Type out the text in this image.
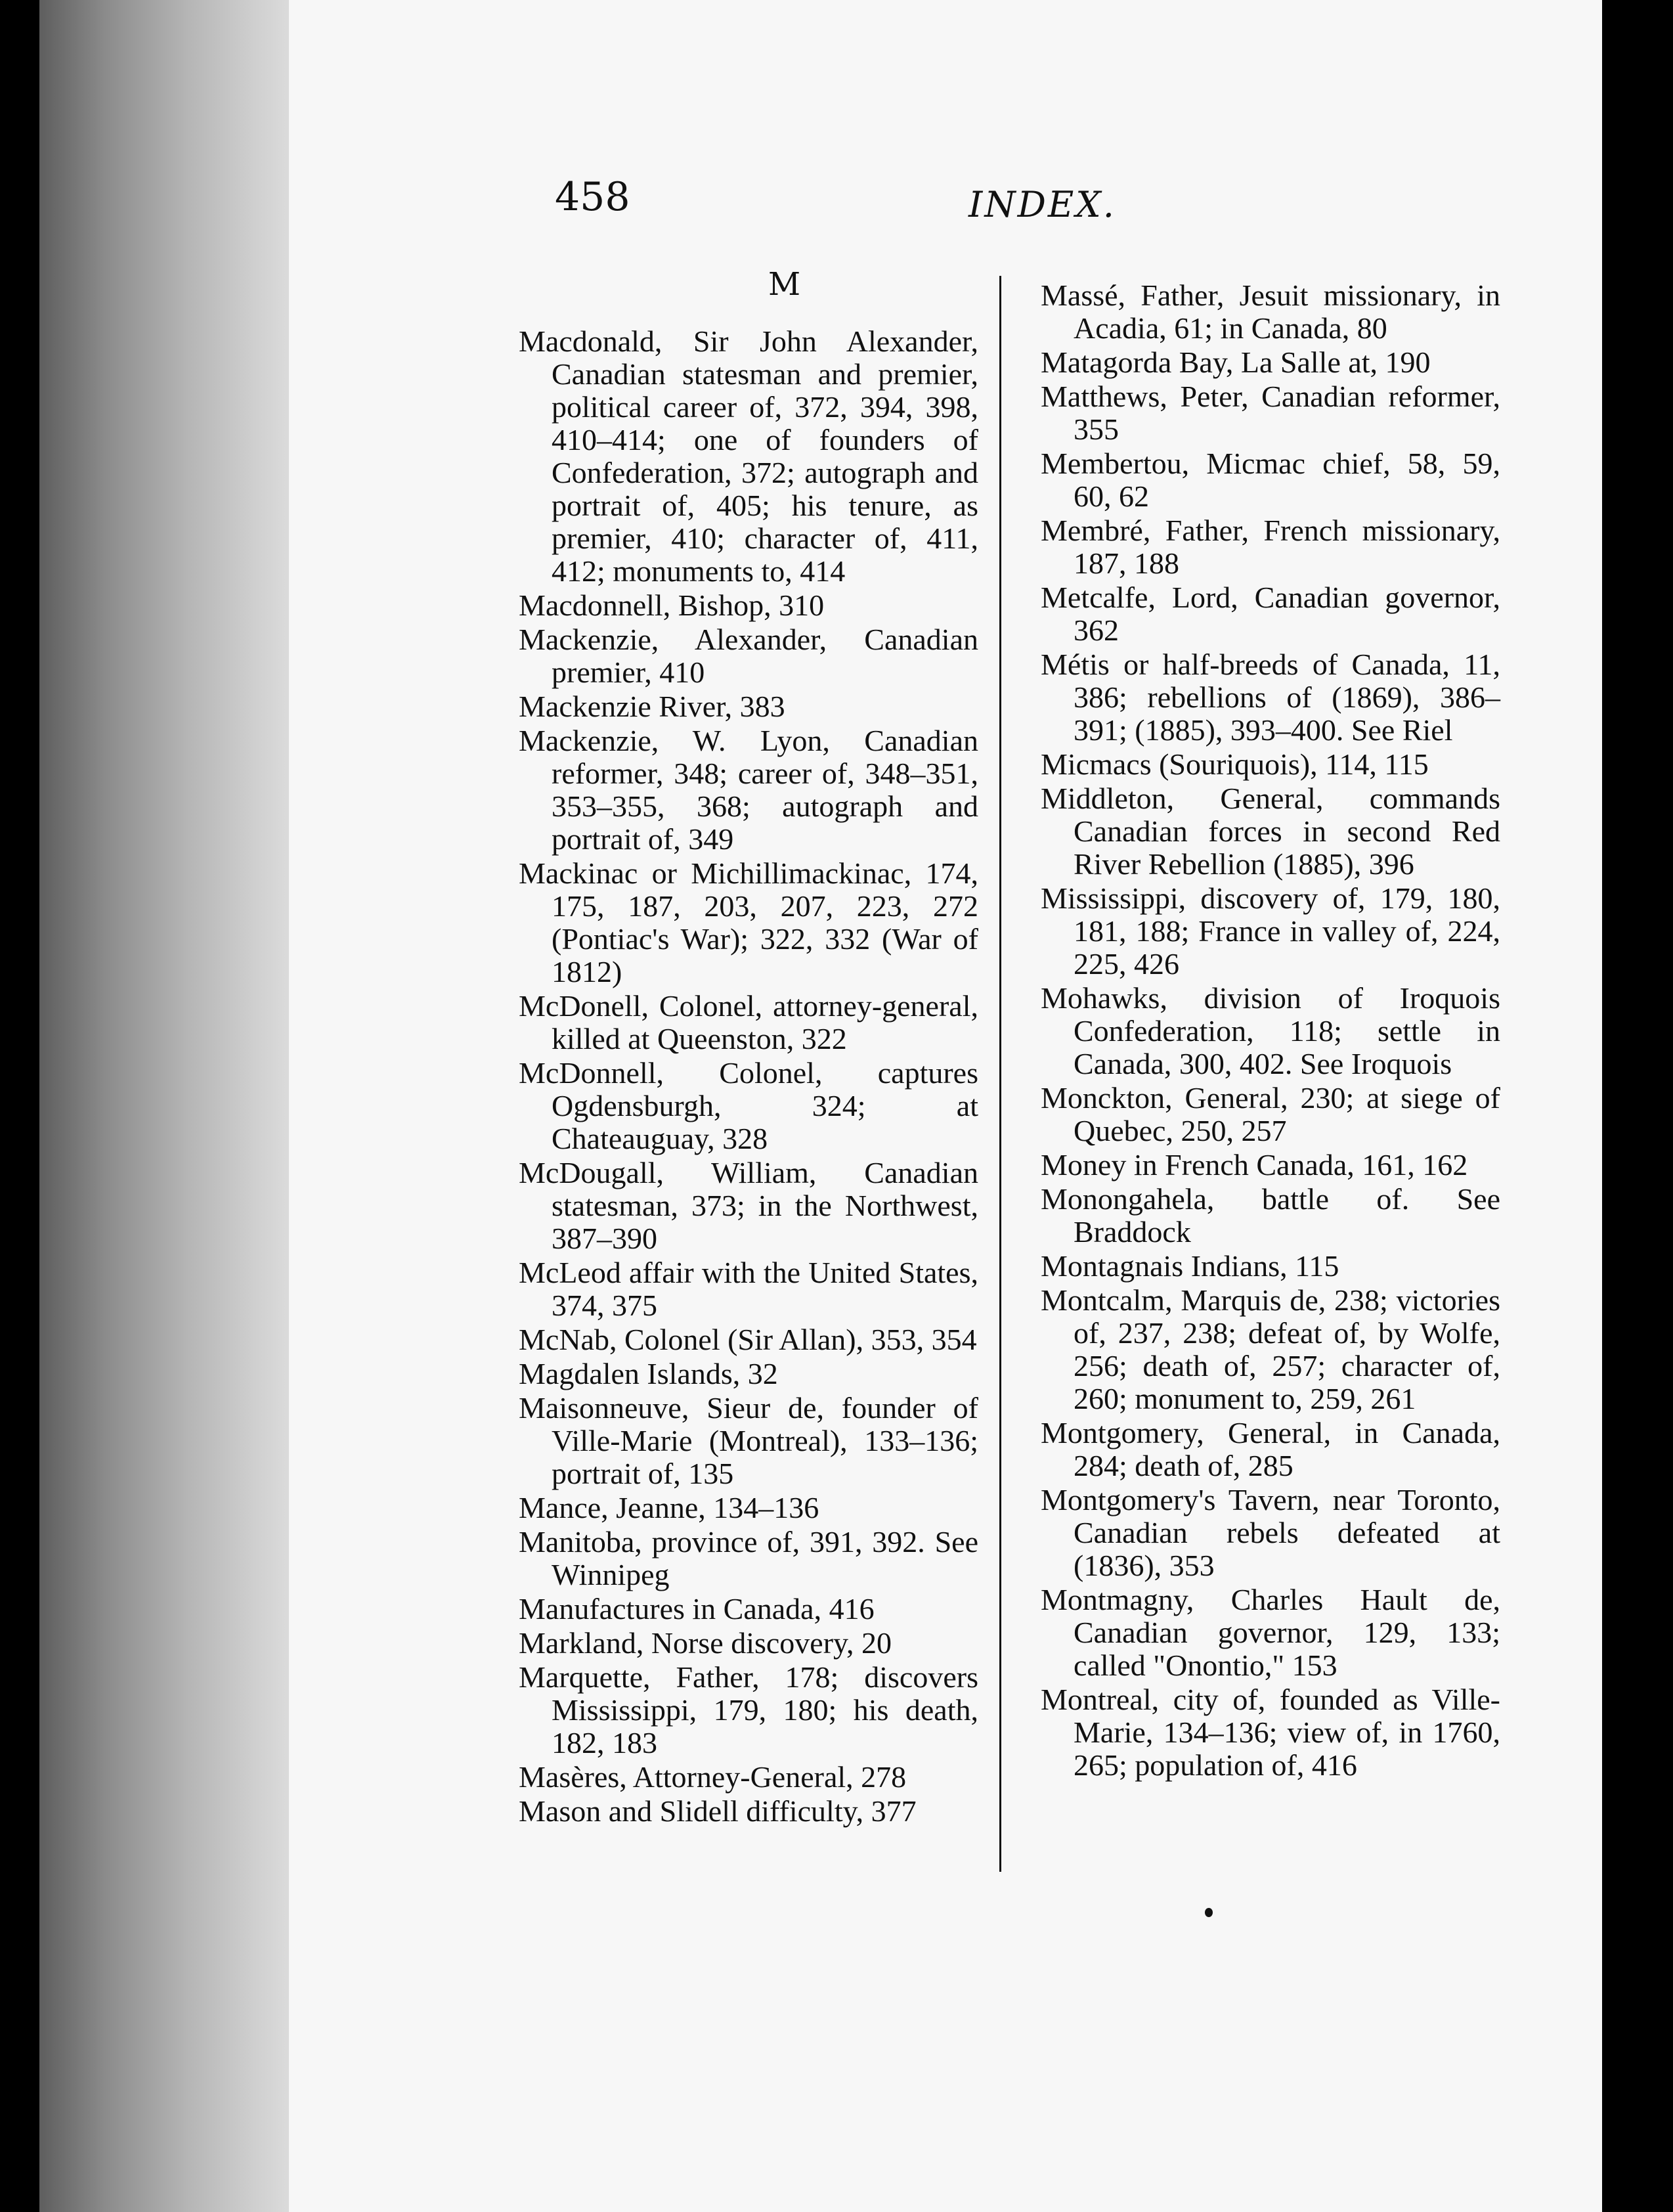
458	INDEX.
M
Macdonald, Sir John Alexander, Canadian statesman and premier, political career of, 372, 394, 398, 410–414; one of founders of Confederation, 372; autograph and portrait of, 405; his tenure, as premier, 410; character of, 411, 412; monuments to, 414
Macdonnell, Bishop, 310
Mackenzie, Alexander, Canadian premier, 410
Mackenzie River, 383
Mackenzie, W. Lyon, Canadian reformer, 348; career of, 348–351, 353–355, 368; autograph and portrait of, 349
Mackinac or Michillimackinac, 174, 175, 187, 203, 207, 223, 272 (Pontiac's War); 322, 332 (War of 1812)
McDonell, Colonel, attorney-general, killed at Queenston, 322
McDonnell, Colonel, captures Ogdensburgh, 324; at Chateauguay, 328
McDougall, William, Canadian statesman, 373; in the Northwest, 387–390
McLeod affair with the United States, 374, 375
McNab, Colonel (Sir Allan), 353, 354
Magdalen Islands, 32
Maisonneuve, Sieur de, founder of Ville-Marie (Montreal), 133–136; portrait of, 135
Mance, Jeanne, 134–136
Manitoba, province of, 391, 392. See Winnipeg
Manufactures in Canada, 416
Markland, Norse discovery, 20
Marquette, Father, 178; discovers Mississippi, 179, 180; his death, 182, 183
Masères, Attorney-General, 278
Mason and Slidell difficulty, 377
Massé, Father, Jesuit missionary, in Acadia, 61; in Canada, 80
Matagorda Bay, La Salle at, 190
Matthews, Peter, Canadian reformer, 355
Membertou, Micmac chief, 58, 59, 60, 62
Membré, Father, French missionary, 187, 188
Metcalfe, Lord, Canadian governor, 362
Métis or half-breeds of Canada, 11, 386; rebellions of (1869), 386–391; (1885), 393–400. See Riel
Micmacs (Souriquois), 114, 115
Middleton, General, commands Canadian forces in second Red River Rebellion (1885), 396
Mississippi, discovery of, 179, 180, 181, 188; France in valley of, 224, 225, 426
Mohawks, division of Iroquois Confederation, 118; settle in Canada, 300, 402. See Iroquois
Monckton, General, 230; at siege of Quebec, 250, 257
Money in French Canada, 161, 162
Monongahela, battle of. See Braddock
Montagnais Indians, 115
Montcalm, Marquis de, 238; victories of, 237, 238; defeat of, by Wolfe, 256; death of, 257; character of, 260; monument to, 259, 261
Montgomery, General, in Canada, 284; death of, 285
Montgomery's Tavern, near Toronto, Canadian rebels defeated at (1836), 353
Montmagny, Charles Hault de, Canadian governor, 129, 133; called "Onontio," 153
Montreal, city of, founded as Ville-Marie, 134–136; view of, in 1760, 265; population of, 416
